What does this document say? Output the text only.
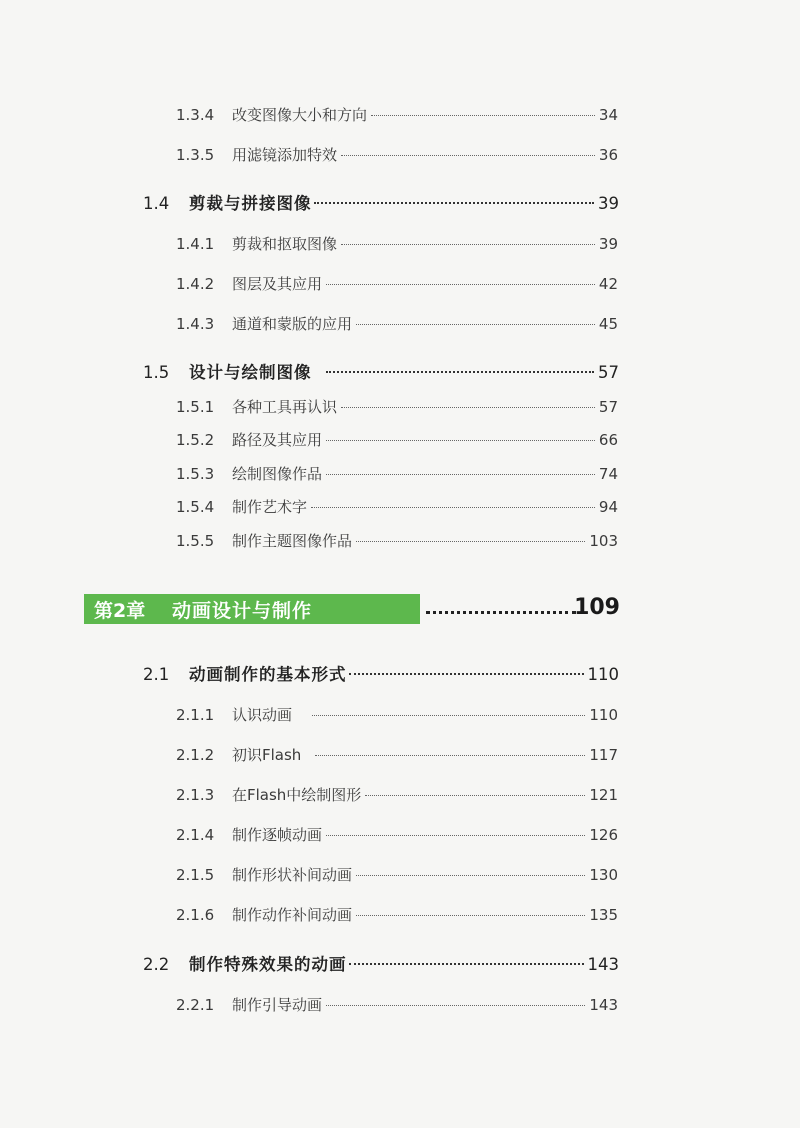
1.3.4	改变图像大小和方向	34
1.3.5	用滤镜添加特效	36
1.4	剪裁与拼接图像	39
1.4.1	剪裁和抠取图像	39
1.4.2	图层及其应用	42
1.4.3	通道和蒙版的应用	45
1.5	设计与绘制图像	57
1.5.1	各种工具再认识	57
1.5.2	路径及其应用	66
1.5.3	绘制图像作品	74
1.5.4	制作艺术字	94
1.5.5	制作主题图像作品	103
第2章	动画设计与制作	109
2.1	动画制作的基本形式	110
2.1.1	认识动画	110
2.1.2	初识Flash	117
2.1.3	在Flash中绘制图形	121
2.1.4	制作逐帧动画	126
2.1.5	制作形状补间动画	130
2.1.6	制作动作补间动画	135
2.2	制作特殊效果的动画	143
2.2.1	制作引导动画	143
